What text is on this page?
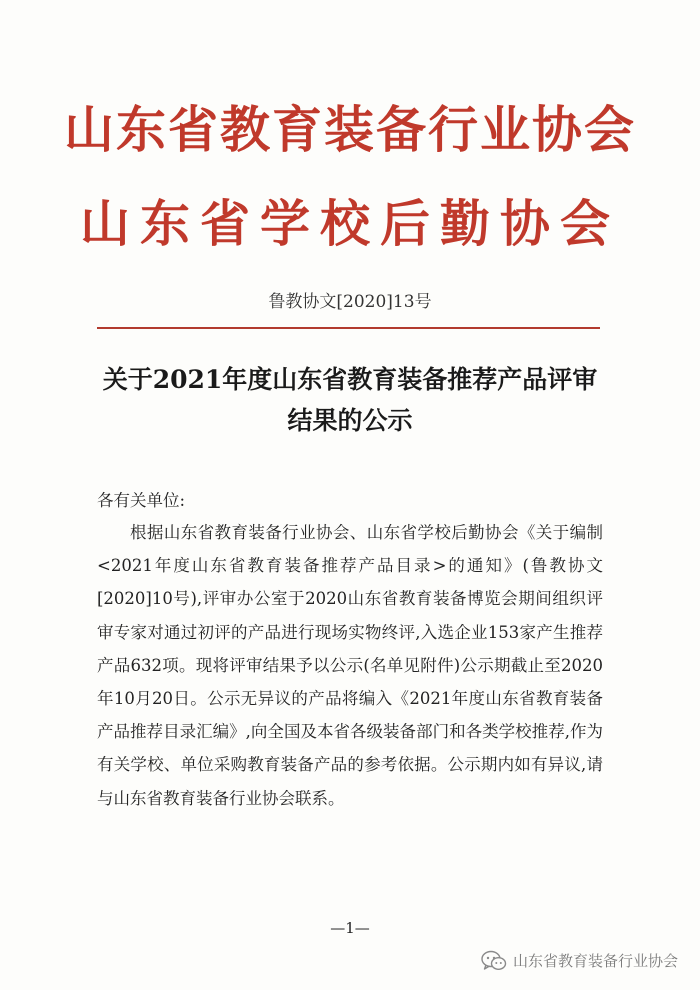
山东省教育装备行业协会
山东省学校后勤协会
鲁教协文[2020]13号
关于2021年度山东省教育装备推荐产品评审
结果的公示
各有关单位:

根据山东省教育装备行业协会、山东省学校后勤协会《关于编制<2021年度山东省教育装备推荐产品目录>的通知》(鲁教协文[2020]10号),评审办公室于2020山东省教育装备博览会期间组织评审专家对通过初评的产品进行现场实物终评,入选企业153家产生推荐产品632项。现将评审结果予以公示(名单见附件)公示期截止至2020年10月20日。公示无异议的产品将编入《2021年度山东省教育装备产品推荐目录汇编》,向全国及本省各级装备部门和各类学校推荐,作为有关学校、单位采购教育装备产品的参考依据。公示期内如有异议,请与山东省教育装备行业协会联系。

—1—
山东省教育装备行业协会
